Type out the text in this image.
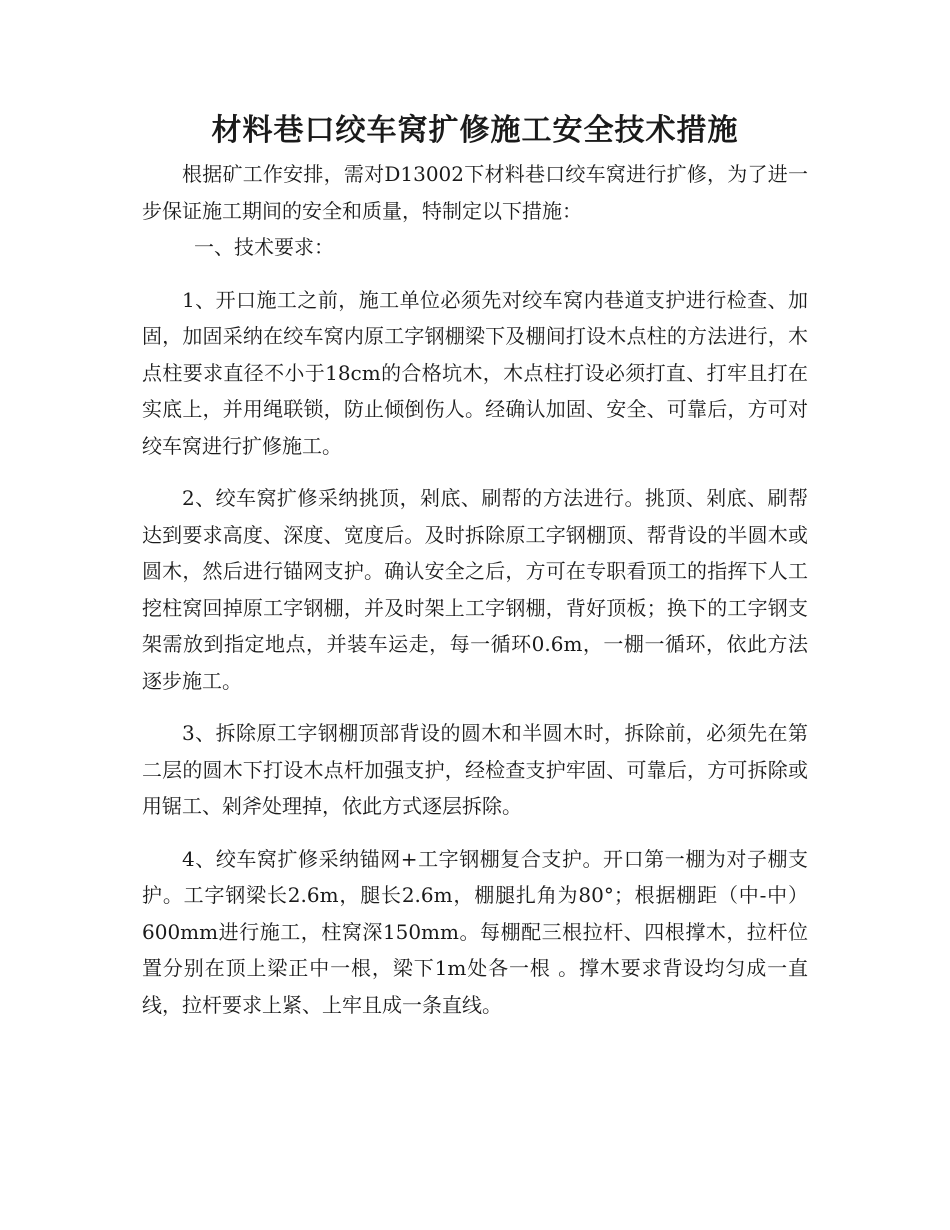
材料巷口绞车窝扩修施工安全技术措施

根据矿工作安排，需对D13002下材料巷口绞车窝进行扩修，为了进一步保证施工期间的安全和质量，特制定以下措施：

一、技术要求：

1、开口施工之前，施工单位必须先对绞车窝内巷道支护进行检查、加固，加固采纳在绞车窝内原工字钢棚梁下及棚间打设木点柱的方法进行，木点柱要求直径不小于18cm的合格坑木，木点柱打设必须打直、打牢且打在实底上，并用绳联锁，防止倾倒伤人。经确认加固、安全、可靠后，方可对绞车窝进行扩修施工。

2、绞车窝扩修采纳挑顶，剁底、刷帮的方法进行。挑顶、剁底、刷帮达到要求高度、深度、宽度后。及时拆除原工字钢棚顶、帮背设的半圆木或圆木，然后进行锚网支护。确认安全之后，方可在专职看顶工的指挥下人工挖柱窝回掉原工字钢棚，并及时架上工字钢棚，背好顶板；换下的工字钢支架需放到指定地点，并装车运走，每一循环0.6m，一棚一循环，依此方法逐步施工。

3、拆除原工字钢棚顶部背设的圆木和半圆木时，拆除前，必须先在第二层的圆木下打设木点杆加强支护，经检查支护牢固、可靠后，方可拆除或用锯工、剁斧处理掉，依此方式逐层拆除。

4、绞车窝扩修采纳锚网+工字钢棚复合支护。开口第一棚为对子棚支护。工字钢梁长2.6m，腿长2.6m，棚腿扎角为80°；根据棚距（中-中）600mm进行施工，柱窝深150mm。每棚配三根拉杆、四根撑木，拉杆位置分别在顶上梁正中一根，梁下1m处各一根 。撑木要求背设均匀成一直线，拉杆要求上紧、上牢且成一条直线。
